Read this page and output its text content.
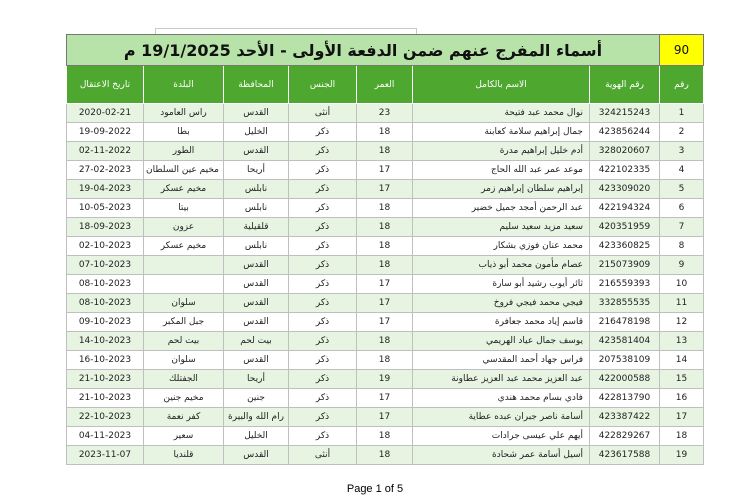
90	أسماء المفرج عنهم ضمن الدفعة الأولى - الأحد 19/1/2025 م						
رقم	رقم الهوية	الاسم بالكامل	العمر	الجنس	المحافظة	البلدة	تاريخ الاعتقال
1	324215243	نوال محمد عبد فتيحة	23	أنثى	القدس	راس العامود	2020-02-21
2	423856244	جمال إبراهيم سلامة كعابنة	18	ذكر	الخليل	بطا	19-09-2022
3	328020607	أدم خليل إبراهيم مدرة	18	ذكر	القدس	الطور	02-11-2022
4	422102335	موعد عمر عبد الله الحاج	17	ذكر	أريحا	مخيم عين السلطان	27-02-2023
5	423309020	إبراهيم سلطان إبراهيم زمر	17	ذكر	نابلس	مخيم عسكر	19-04-2023
6	422194324	عبد الرحمن أمجد جميل خضير	18	ذكر	نابلس	بيتا	10-05-2023
7	420351959	سعيد مزيد سعيد سليم	18	ذكر	قلقيلية	عزون	18-09-2023
8	423360825	محمد عنان فوزي بشكار	18	ذكر	نابلس	مخيم عسكر	02-10-2023
9	215073909	عصام مأمون محمد أبو ذياب	18	ذكر	القدس		07-10-2023
10	216559393	ثائر أيوب رشيد أبو سارة	17	ذكر	القدس		08-10-2023
11	332855535	فيجي محمد فيجي فروخ	17	ذكر	القدس	سلوان	08-10-2023
12	216478198	قاسم إياد محمد جعافرة	17	ذكر	القدس	جبل المكبر	09-10-2023
13	423581404	يوسف جمال عياد الهريمي	18	ذكر	بيت لحم	بيت لحم	14-10-2023
14	207538109	فراس جهاد أحمد المقدسي	18	ذكر	القدس	سلوان	16-10-2023
15	422000588	عبد العزيز محمد عبد العزيز عطاونة	19	ذكر	أريحا	الجفتلك	21-10-2023
16	422813790	فادي بسام محمد هندي	17	ذكر	جنين	مخيم جنين	21-10-2023
17	423387422	أسامة ناصر جبران عبده عطاية	17	ذكر	رام الله والبيرة	كفر نعمة	22-10-2023
18	422829267	أيهم علي عيسى جرادات	18	ذكر	الخليل	سعير	04-11-2023
19	423617588	أسيل أسامة عمر شحادة	18	أنثى	القدس	قلنديا	2023-11-07
Page 1 of 5
